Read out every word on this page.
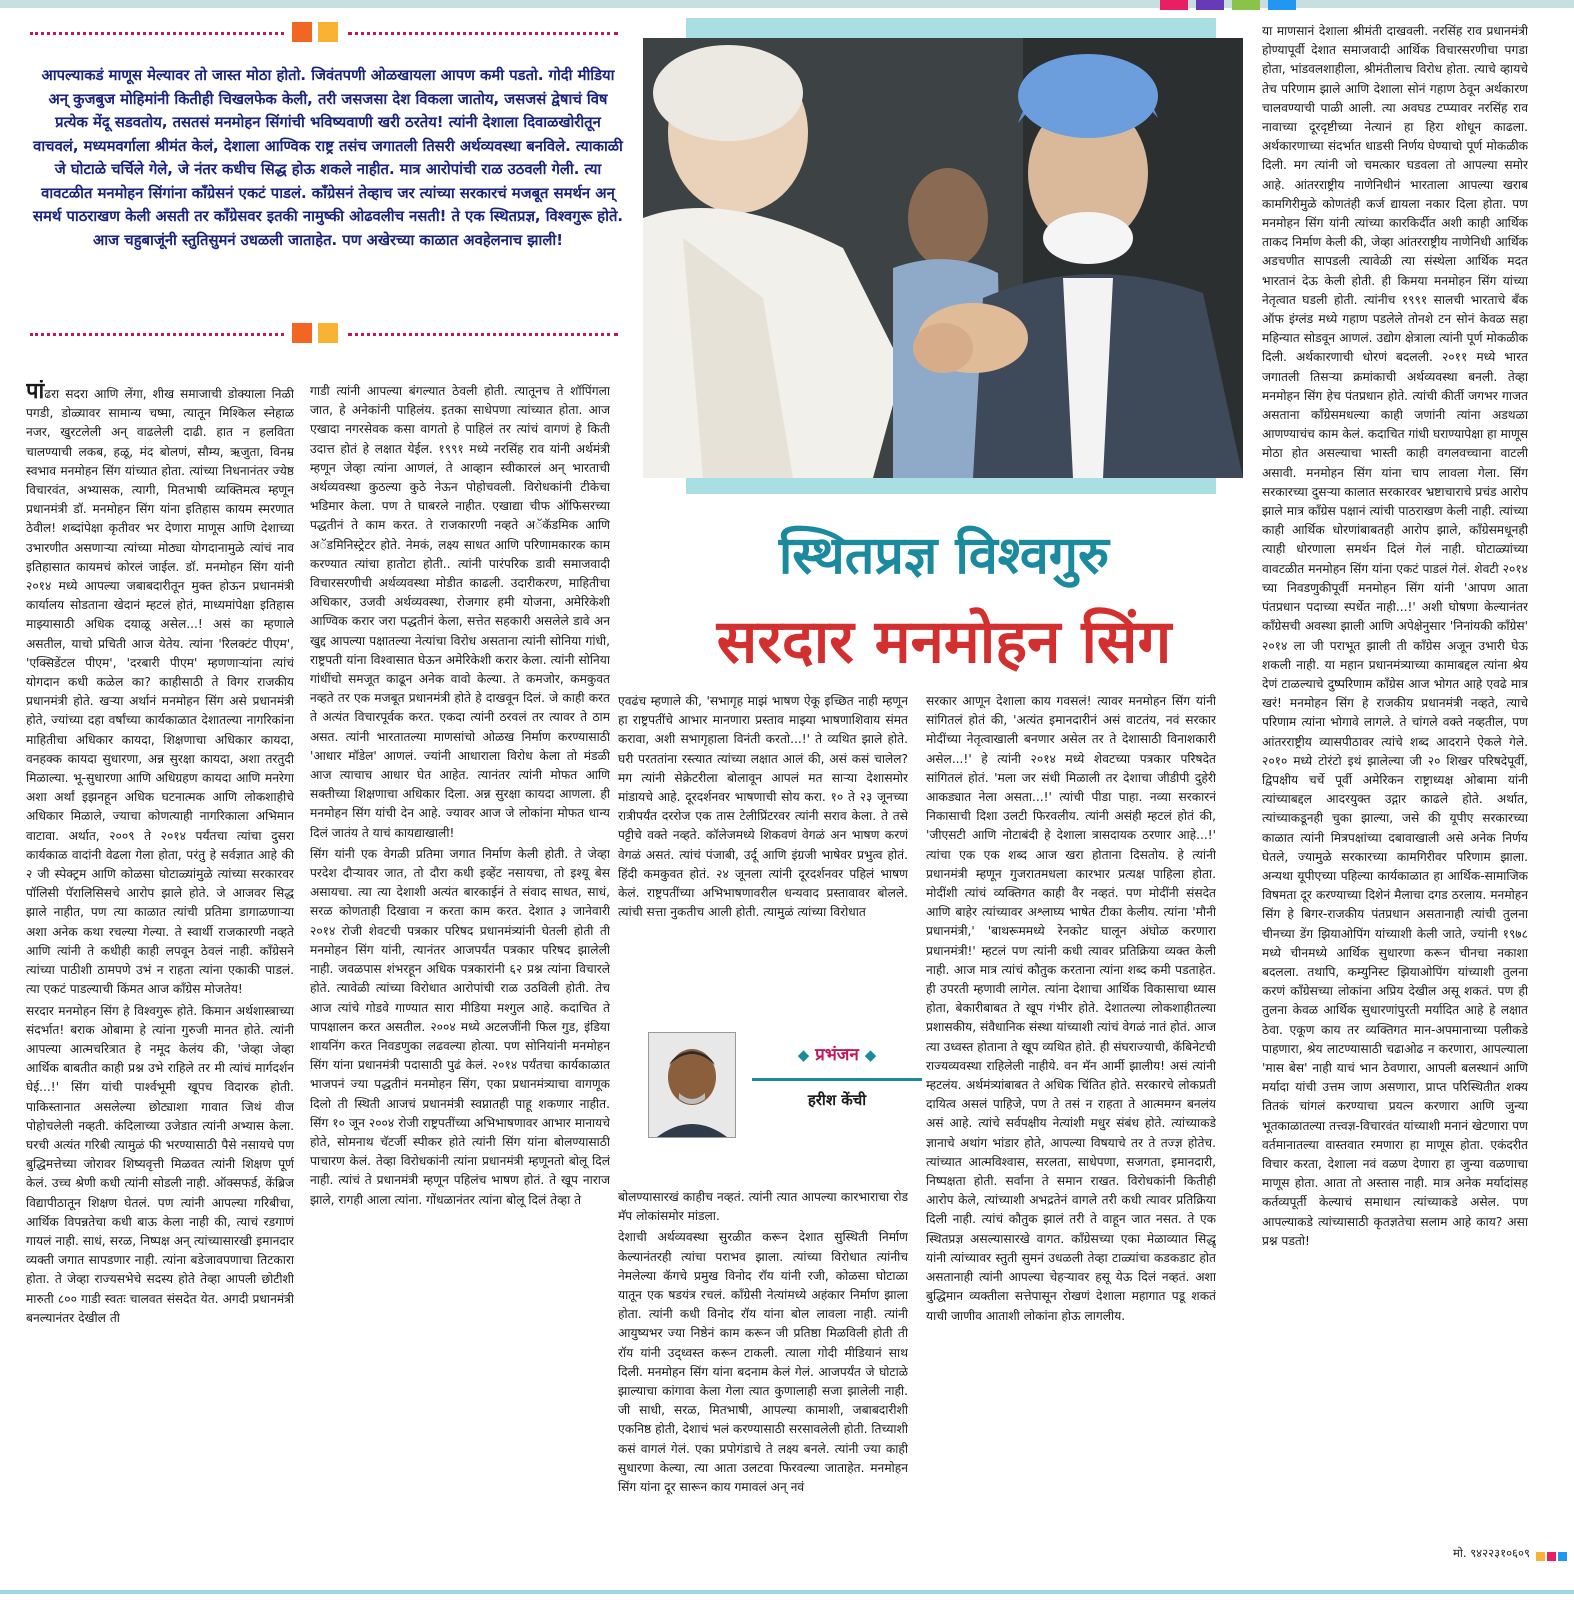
आपल्याकडं माणूस मेल्यावर तो जास्त मोठा होतो. जिवंतपणी ओळखायला आपण कमी पडतो. गोदी मीडिया अन् कुजबुज मोहिमांनी कितीही चिखलफेक केली, तरी जसजसा देश विकला जातोय, जसजसं द्वेषाचं विष प्रत्येक मेंदू सडवतोय, तसतसं मनमोहन सिंगांची भविष्यवाणी खरी ठरतेय! त्यांनी देशाला दिवाळखोरीतून वाचवलं, मध्यमवर्गाला श्रीमंत केलं, देशाला आण्विक राष्ट्र तसंच जगातली तिसरी अर्थव्यवस्था बनविले. त्याकाळी जे घोटाळे चर्चिले गेले, जे नंतर कधीच सिद्ध होऊ शकले नाहीत. मात्र आरोपांची राळ उठवली गेली. त्या वावटळीत मनमोहन सिंगांना काँग्रेसनं एकटं पाडलं. काँग्रेसनं तेव्हाच जर त्यांच्या सरकारचं मजबूत समर्थन अन् समर्थ पाठराखण केली असती तर काँग्रेसवर इतकी नामुष्की ओढवलीच नसती! ते एक स्थितप्रज्ञ, विश्वगुरू होते. आज चहुबाजूंनी स्तुतिसुमनं उधळली जाताहेत. पण अखेरच्या काळात अवहेलनाच झाली!
स्थितप्रज्ञ विश्वगुरु
सरदार मनमोहन सिंग

पांढरा सदरा आणि लेंगा, शीख समाजाची डोक्याला निळी पगडी, डोळ्यावर सामान्य चष्मा, त्यातून मिश्किल स्नेहाळ नजर, खुरटलेली अन् वाढलेली दाढी. हात न हलविता चालण्याची लकब, हळू, मंद बोलणं, सौम्य, ऋजुता, विनम्र स्वभाव मनमोहन सिंग यांच्यात होता. त्यांच्या निधनानंतर ज्येष्ठ विचारवंत, अभ्यासक, त्यागी, मितभाषी व्यक्तिमत्व म्हणून प्रधानमंत्री डॉ. मनमोहन सिंग यांना इतिहास कायम स्मरणात ठेवील! शब्दांपेक्षा कृतीवर भर देणारा माणूस आणि देशाच्या उभारणीत असणाऱ्या त्यांच्या मोठ्या योगदानामुळे त्यांचं नाव इतिहासात कायमचं कोरलं जाईल. डॉ. मनमोहन सिंग यांनी २०१४ मध्ये आपल्या जबाबदारीतून मुक्त होऊन प्रधानमंत्री कार्यालय सोडताना खेदानं म्हटलं होतं, माध्यमांपेक्षा इतिहास माझ्यासाठी अधिक दयाळू असेल...! असं का म्हणाले असतील, याचो प्रचिती आज येतेय. त्यांना 'रिलक्टंट पीएम', 'एक्सिडेंटल पीएम', 'दरबारी पीएम' म्हणणाऱ्यांना त्यांचं योगदान कधी कळेल का? काहीसाठी ते विगर राजकीय प्रधानमंत्री होते. खऱ्या अर्थानं मनमोहन सिंग असे प्रधानमंत्री होते, ज्यांच्या दहा वर्षांच्या कार्यकाळात देशातल्या नागरिकांना माहितीचा अधिकार कायदा, शिक्षणाचा अधिकार कायदा, वनहक्क कायदा सुधारणा, अन्न सुरक्षा कायदा, अशा तरतुदी मिळाल्या. भू-सुधारणा आणि अधिग्रहण कायदा आणि मनरेगा अशा अर्थां इझनहून अधिक घटनात्मक आणि लोकशाहीचे अधिकार मिळाले, ज्याचा कोणत्याही नागरिकाला अभिमान वाटावा. अर्थात, २००९ ते २०१४ पर्यंतचा त्यांचा दुसरा कार्यकाळ वादांनी वेढला गेला होता, परंतु हे सर्वज्ञात आहे की २ जी स्पेक्ट्रम आणि कोळसा घोटाळ्यांमुळे त्यांच्या सरकारवर पॉलिसी पॅरालिसिसचे आरोप झाले होते. जे आजवर सिद्ध झाले नाहीत, पण त्या काळात त्यांची प्रतिमा डागाळणाऱ्या अशा अनेक कथा रचल्या गेल्या. ते स्वार्थी राजकारणी नव्हते आणि त्यांनी ते कधीही काही लपवून ठेवलं नाही. काँग्रेसने त्यांच्या पाठीशी ठामपणे उभं न राहता त्यांना एकाकी पाडलं. त्या एकटं पाडल्याची किंमत आज काँग्रेस मोजतेय!

सरदार मनमोहन सिंग हे विश्वगुरू होते. किमान अर्थशास्त्राच्या संदर्भात! बराक ओबामा हे त्यांना गुरुजी मानत होते. त्यांनी आपल्या आत्मचरित्रात हे नमूद केलंय की, 'जेव्हा जेव्हा आर्थिक बाबतीत काही प्रश्न उभे राहिले तर मी त्यांचं मार्गदर्शन घेई...!' सिंग यांची पार्श्वभूमी खूपच विदारक होती. पाकिस्तानात असलेल्या छोट्याशा गावात जिथं वीज पोहोचलेली नव्हती. कंदिलाच्या उजेडात त्यांनी अभ्यास केला. घरची अत्यंत गरिबी त्यामुळं फी भरण्यासाठी पैसे नसायचे पण बुद्धिमत्तेच्या जोरावर शिष्यवृत्ती मिळवत त्यांनी शिक्षण पूर्ण केलं. उच्च श्रेणी कधी त्यांनी सोडली नाही. ऑक्सफर्ड, केंब्रिज विद्यापीठातून शिक्षण घेतलं. पण त्यांनी आपल्या गरिबीचा, आर्थिक विपन्नतेचा कधी बाऊ केला नाही की, त्याचं रडगाणं गायलं नाही. साधं, सरळ, निष्पक्ष अन् त्यांच्यासारखी इमानदार व्यक्ती जगात सापडणार नाही. त्यांना बडेजावपणाचा तिटकारा होता. ते जेव्हा राज्यसभेचे सदस्य होते तेव्हा आपली छोटीशी मारुती ८०० गाडी स्वतः चालवत संसदेत येत. अगदी प्रधानमंत्री बनल्यानंतर देखील ती

गाडी त्यांनी आपल्या बंगल्यात ठेवली होती. त्यातूनच ते शॉपिंगला जात, हे अनेकांनी पाहिलंय. इतका साधेपणा त्यांच्यात होता. आज एखादा नगरसेवक कसा वागतो हे पाहिलं तर त्यांचं वागणं हे किती उदात्त होतं हे लक्षात येईल. १९९१ मध्ये नरसिंह राव यांनी अर्थमंत्री म्हणून जेव्हा त्यांना आणलं, ते आव्हान स्वीकारलं अन् भारताची अर्थव्यवस्था कुठल्या कुठे नेऊन पोहोचवली. विरोधकांनी टीकेचा भडिमार केला. पण ते घाबरले नाहीत. एखाद्या चीफ ऑफिसरच्या पद्धतीनं ते काम करत. ते राजकारणी नव्हते अॅकॅडमिक आणि अॅडमिनिस्ट्रेटर होते. नेमकं, लक्ष्य साधत आणि परिणामकारक काम करण्यात त्यांचा हातोटा होती.. त्यांनी पारंपरिक डावी समाजवादी विचारसरणीची अर्थव्यवस्था मोडीत काढली. उदारीकरण, माहितीचा अधिकार, उजवी अर्थव्यवस्था, रोजगार हमी योजना, अमेरिकेशी आण्विक करार जरा पद्धतीनं केला, सत्तेत सहकारी असलेले डावे अन खुद्द आपल्या पक्षातल्या नेत्यांचा विरोध असताना त्यांनी सोनिया गांधी, राष्ट्रपती यांना विश्वासात घेऊन अमेरिकेशी करार केला. त्यांनी सोनिया गांधींचो समजूत काढून अनेक वावो केल्या. ते कमजोर, कमकुवत नव्हते तर एक मजबूत प्रधानमंत्री होते हे दाखवून दिलं. जे काही करत ते अत्यंत विचारपूर्वक करत. एकदा त्यांनी ठरवलं तर त्यावर ते ठाम असत. त्यांनी भारतातल्या माणसांचो ओळख निर्माण करण्यासाठी 'आधार मॉडेल' आणलं. ज्यांनी आधाराला विरोध केला तो मंडळी आज त्याचाच आधार घेत आहेत. त्यानंतर त्यांनी मोफत आणि सक्तीच्या शिक्षणाचा अधिकार दिला. अन्न सुरक्षा कायदा आणला. ही मनमोहन सिंग यांची देन आहे. ज्यावर आज जे लोकांना मोफत धान्य दिलं जातंय ते याचं कायद्याखाली!

सिंग यांनी एक वेगळी प्रतिमा जगात निर्माण केली होती. ते जेव्हा परदेश दौऱ्यावर जात, तो दौरा कधी इव्हेंट नसायचा, तो इश्यू बेस असायचा. त्या त्या देशाशी अत्यंत बारकाईनं ते संवाद साधत, साधं, सरळ कोणताही दिखावा न करता काम करत. देशात ३ जानेवारी २०१४ रोजी शेवटची पत्रकार परिषद प्रधानमंत्र्यांनी घेतली होती ती मनमोहन सिंग यांनी, त्यानंतर आजपर्यंत पत्रकार परिषद झालेली नाही. जवळपास शंभरहून अधिक पत्रकारांनी ६२ प्रश्न त्यांना विचारले होते. त्यावेळी त्यांच्या विरोधात आरोपांची राळ उठविली होती. तेच आज त्यांचे गोडवे गाण्यात सारा मीडिया मश्गुल आहे. कदाचित ते पापक्षालन करत असतील. २००४ मध्ये अटलजींनी फिल गुड, इंडिया शायनिंग करत निवडणुका लढवल्या होत्या. पण सोनियांनी मनमोहन सिंग यांना प्रधानमंत्री पदासाठी पुढं केलं. २०१४ पर्यंतचा कार्यकाळात भाजपनं ज्या पद्धतीनं मनमोहन सिंग, एका प्रधानमंत्र्याचा वागणूक दिलो ती स्थिती आजचं प्रधानमंत्री स्वप्नातही पाहू शकणार नाहीत. सिंग १० जून २००४ रोजी राष्ट्रपतींच्या अभिभाषणावर आभार मानायचे होते, सोमनाथ चॅटर्जी स्पीकर होते त्यांनी सिंग यांना बोलण्यासाठी पाचारण केलं. तेव्हा विरोधकांनी त्यांना प्रधानमंत्री म्हणूनतो बोलू दिलं नाही. त्यांचं ते प्रधानमंत्री म्हणून पहिलंच भाषण होतं. ते खूप नाराज झाले, रागही आला त्यांना. गोंधळानंतर त्यांना बोलू दिलं तेव्हा ते

एवढंच म्हणाले की, 'सभागृह माझं भाषण ऐकू इच्छित नाही म्हणून हा राष्ट्रपतींचे आभार मानणारा प्रस्ताव माझ्या भाषणाशिवाय संमत करावा, अशी सभागृहाला विनंती करतो...!' ते व्यथित झाले होते. घरी परततांना रस्त्यात त्यांच्या लक्षात आलं की, असं कसं चालेल? मग त्यांनी सेक्रेटरीला बोलावून आपलं मत साऱ्या देशासमोर मांडायचे आहे. दूरदर्शनवर भाषणाची सोय करा. १० ते २३ जूनच्या रात्रीपर्यंत दररोज एक तास टेलीप्रिंटरवर त्यांनी सराव केला. ते तसे पट्टीचे वक्ते नव्हते. कॉलेजमध्ये शिकवणं वेगळं अन भाषण करणं वेगळं असतं. त्यांचं पंजाबी, उर्दू आणि इंग्रजी भाषेवर प्रभुत्व होतं. हिंदी कमकुवत होतं. २४ जूनला त्यांनी दूरदर्शनवर पहिलं भाषण केलं. राष्ट्रपतींच्या अभिभाषणावरील धन्यवाद प्रस्तावावर बोलले. त्यांची सत्ता नुकतीच आली होती. त्यामुळं त्यांच्या विरोधात

◆ प्रभंजन ◆
हरीश केंची

बोलण्यासारखं काहीच नव्हतं. त्यांनी त्यात आपल्या कारभाराचा रोड मॅप लोकांसमोर मांडला.

देशाची अर्थव्यवस्था सुरळीत करून देशात सुस्थिती निर्माण केल्यानंतरही त्यांचा पराभव झाला. त्यांच्या विरोधात त्यांनीच नेमलेल्या कॅगचे प्रमुख विनोद रॉय यांनी रजी, कोळसा घोटाळा यातून एक षडयंत्र रचलं. काँग्रेसी नेत्यांमध्ये अहंकार निर्माण झाला होता. त्यांनी कधी विनोद रॉय यांना बोल लावला नाही. त्यांनी आयुष्यभर ज्या निष्ठेनं काम करून जी प्रतिष्ठा मिळविली होती ती रॉय यांनी उद्ध्वस्त करून टाकली. त्याला गोदी मीडियानं साथ दिली. मनमोहन सिंग यांना बदनाम केलं गेलं. आजपर्यंत जे घोटाळे झाल्याचा कांगावा केला गेला त्यात कुणालाही सजा झालेली नाही. जी साधी, सरळ, मितभाषी, आपल्या कामाशी, जबाबदारीशी एकनिष्ठ होती, देशाचं भलं करण्यासाठी सरसावलेली होती. तिच्याशी कसं वागलं गेलं. एका प्रपोगंडाचे ते लक्ष्य बनले. त्यांनी ज्या काही सुधारणा केल्या, त्या आता उलटवा फिरवल्या जाताहेत. मनमोहन सिंग यांना दूर सारून काय गमावलं अन् नवं

सरकार आणून देशाला काय गवसलं! त्यावर मनमोहन सिंग यांनी सांगितलं होतं की, 'अत्यंत इमानदारीनं असं वाटतंय, नवं सरकार मोदींच्या नेतृत्वाखाली बनणार असेल तर ते देशासाठी विनाशकारी असेल...!' हे त्यांनी २०१४ मध्ये शेवटच्या पत्रकार परिषदेत सांगितलं होतं. 'मला जर संधी मिळाली तर देशाचा जीडीपी दुहेरी आकड्यात नेला असता...!' त्यांची पीडा पाहा. नव्या सरकारनं निकासाची दिशा उलटी फिरवलीय. त्यांनी असंही म्हटलं होतं की, 'जीएसटी आणि नोटाबंदी हे देशाला त्रासदायक ठरणार आहे...!' त्यांचा एक एक शब्द आज खरा होताना दिसतोय. हे त्यांनी प्रधानमंत्री म्हणून गुजरातमधला कारभार प्रत्यक्ष पाहिला होता. मोदींशी त्यांचं व्यक्तिगत काही वैर नव्हतं. पण मोदींनी संसदेत आणि बाहेर त्यांच्यावर अश्लाघ्य भाषेत टीका केलीय. त्यांना 'मौनी प्रधानमंत्री,' 'बाथरूममध्ये रेनकोट घालून अंघोळ करणारा प्रधानमंत्री!' म्हटलं पण त्यांनी कधी त्यावर प्रतिक्रिया व्यक्त केली नाही. आज मात्र त्यांचं कौतुक करताना त्यांना शब्द कमी पडताहेत. ही उपरती म्हणावी लागेल. त्यांना देशाचा आर्थिक विकासाचा ध्यास होता, बेकारीबाबत ते खूप गंभीर होते. देशातल्या लोकशाहीतल्या प्रशासकीय, संवैधानिक संस्था यांच्याशी त्यांचं वेगळं नातं होतं. आज त्या उध्वस्त होताना ते खूप व्यथित होते. ही संघराज्याची, कॅबिनेटची राज्यव्यवस्था राहिलेली नाहीये. वन मॅन आर्मी झालीय! असं त्यांनी म्हटलंय. अर्थमंत्र्यांबाबत ते अधिक चिंतित होते. सरकारचे लोकप्रती दायित्व असलं पाहिजे, पण ते तसं न राहता ते आत्ममग्न बनलंय असं आहे. त्यांचे सर्वपक्षीय नेत्यांशी मधुर संबंध होते. त्यांच्याकडे ज्ञानाचे अथांग भांडार होते, आपल्या विषयाचे तर ते तज्ज्ञ होतेच. त्यांच्यात आत्मविश्वास, सरलता, साधेपणा, सजगता, इमानदारी, निष्पक्षता होती. सर्वांना ते समान राखत. विरोधकांनी कितीही आरोप केले, त्यांच्याशी अभद्रतेनं वागले तरी कधी त्यावर प्रतिक्रिया दिली नाही. त्यांचं कौतुक झालं तरी ते वाहून जात नसत. ते एक स्थितप्रज्ञ असल्यासारखे वागत. काँग्रेसच्या एका मेळाव्यात सिद्धू यांनी त्यांच्यावर स्तुती सुमनं उधळली तेव्हा टाळ्यांचा कडकडाट होत असतानाही त्यांनी आपल्या चेहऱ्यावर हसू येऊ दिलं नव्हतं. अशा बुद्धिमान व्यक्तीला सत्तेपासून रोखणं देशाला महागात पडू शकतं याची जाणीव आताशी लोकांना होऊ लागलीय.

या माणसानं देशाला श्रीमंती दाखवली. नरसिंह राव प्रधानमंत्री होण्यापूर्वी देशात समाजवादी आर्थिक विचारसरणीचा पगडा होता, भांडवलशाहीला, श्रीमंतीलाच विरोध होता. त्याचे व्हायचे तेच परिणाम झाले आणि देशाला सोनं गहाण ठेवून अर्थकारण चालवण्याची पाळी आली. त्या अवघड टप्प्यावर नरसिंह राव नावाच्या दूरदृष्टीच्या नेत्यानं हा हिरा शोधून काढला. अर्थकारणाच्या संदर्भात धाडसी निर्णय घेण्याचो पूर्ण मोकळीक दिली. मग त्यांनी जो चमत्कार घडवला तो आपल्या समोर आहे. आंतरराष्ट्रीय नाणेनिधीनं भारताला आपल्या खराब कामगिरीमुळे कोणतंही कर्ज द्यायला नकार दिला होता. पण मनमोहन सिंग यांनी त्यांच्या कारकिर्दीत अशी काही आर्थिक ताकद निर्माण केली की, जेव्हा आंतरराष्ट्रीय नाणेनिधी आर्थिक अडचणीत सापडली त्यावेळी त्या संस्थेला आर्थिक मदत भारतानं देऊ केली होती. ही किमया मनमोहन सिंग यांच्या नेतृत्वात घडली होती. त्यांनीच १९९१ सालची भारताचे बँक ऑफ इंग्लंड मध्ये गहाण पडलेले तोनशे टन सोनं केवळ सहा महिन्यात सोडवून आणलं. उद्योग क्षेत्राला त्यांनी पूर्ण मोकळीक दिली. अर्थकारणाची धोरणं बदलली. २०११ मध्ये भारत जगातली तिसऱ्या क्रमांकाची अर्थव्यवस्था बनली. तेव्हा मनमोहन सिंग हेच पंतप्रधान होते. त्यांची कीर्ती जगभर गाजत असताना काँग्रेसमधल्या काही जणांनी त्यांना अडथळा आणण्याचंच काम केलं. कदाचित गांधी घराण्यापेक्षा हा माणूस मोठा होत असल्याचा भास्ती काही वगलवच्चाना वाटली असावी. मनमोहन सिंग यांना चाप लावला गेला. सिंग सरकारच्या दुसऱ्या कालात सरकारवर भ्रष्टाचाराचे प्रचंड आरोप झाले मात्र काँग्रेस पक्षानं त्यांची पाठराखण केली नाही. त्यांच्या काही आर्थिक धोरणांबाबतही आरोप झाले, काँग्रेसमधूनही त्याही धोरणाला समर्थन दिलं गेलं नाही. घोटाळ्यांच्या वावटळीत मनमोहन सिंग यांना एकटं पाडलं गेलं. शेवटी २०१४ च्या निवडणुकीपूर्वी मनमोहन सिंग यांनी 'आपण आता पंतप्रधान पदाच्या स्पर्धेत नाही...!' अशी घोषणा केल्यानंतर काँग्रेसची अवस्था झाली आणि अपेक्षेनुसार 'निनांयकी काँग्रेस' २०१४ ला जी पराभूत झाली ती काँग्रेस अजून उभारी घेऊ शकली नाही. या महान प्रधानमंत्र्याच्या कामाबद्दल त्यांना श्रेय देणं टाळल्याचे दुष्परिणाम काँग्रेस आज भोगत आहे एवढे मात्र खरं! मनमोहन सिंग हे राजकीय प्रधानमंत्री नव्हते, त्याचे परिणाम त्यांना भोगावे लागले. ते चांगले वक्ते नव्हतील, पण आंतरराष्ट्रीय व्यासपीठावर त्यांचे शब्द आदराने ऐकले गेले. २०१० मध्ये टोरंटो इथं झालेल्या जी २० शिखर परिषदेपूर्वी, द्विपक्षीय चर्चे पूर्वी अमेरिकन राष्ट्राध्यक्ष ओबामा यांनी त्यांच्याबद्दल आदरयुक्त उद्गार काढले होते. अर्थात, त्यांच्याकडूनही चुका झाल्या, जसे की यूपीए सरकारच्या काळात त्यांनी मित्रपक्षांच्या दबावाखाली असे अनेक निर्णय घेतले, ज्यामुळे सरकारच्या कामगिरीवर परिणाम झाला. अन्यथा यूपीएच्या पहिल्या कार्यकाळात हा आर्थिक-सामाजिक विषमता दूर करण्याच्या दिशेनं मैलाचा दगड ठरलाय. मनमोहन सिंग हे बिगर-राजकीय पंतप्रधान असतानाही त्यांची तुलना चीनच्या डेंग झियाओपिंग यांच्याशी केली जाते, ज्यांनी १९७८ मध्ये चीनमध्ये आर्थिक सुधारणा करून चीनचा नकाशा बदलला. तथापि, कम्युनिस्ट झियाओपिंग यांच्याशी तुलना करणं काँग्रेसच्या लोकांना अप्रिय देखील असू शकतं. पण ही तुलना केवळ आर्थिक सुधारणांपुरती मर्यादित आहे हे लक्षात ठेवा. एकूण काय तर व्यक्तिगत मान-अपमानाच्या पलीकडे पाहणारा, श्रेय लाटण्यासाठी चढाओढ न करणारा, आपल्याला 'मास बेस' नाही याचं भान ठेवणारा, आपली बलस्थानं आणि मर्यादा यांची उत्तम जाण असणारा, प्राप्त परिस्थितीत शक्य तितकं चांगलं करण्याचा प्रयत्न करणारा आणि जुन्या भूतकाळातल्या तत्त्वज्ञ-विचारवंत यांच्याशी मनानं खेटणारा पण वर्तमानातल्या वास्तवात रमणारा हा माणूस होता. एकंदरीत विचार करता, देशाला नवं वळण देणारा हा जुन्या वळणाचा माणूस होता. आता तो अस्तास नाही. मात्र अनेक मर्यादांसह कर्तव्यपूर्ती केल्याचं समाधान त्यांच्याकडे असेल. पण आपल्याकडे त्यांच्यासाठी कृतज्ञतेचा सलाम आहे काय? असा प्रश्न पडतो!

मो. ९४२२३१०६०९
